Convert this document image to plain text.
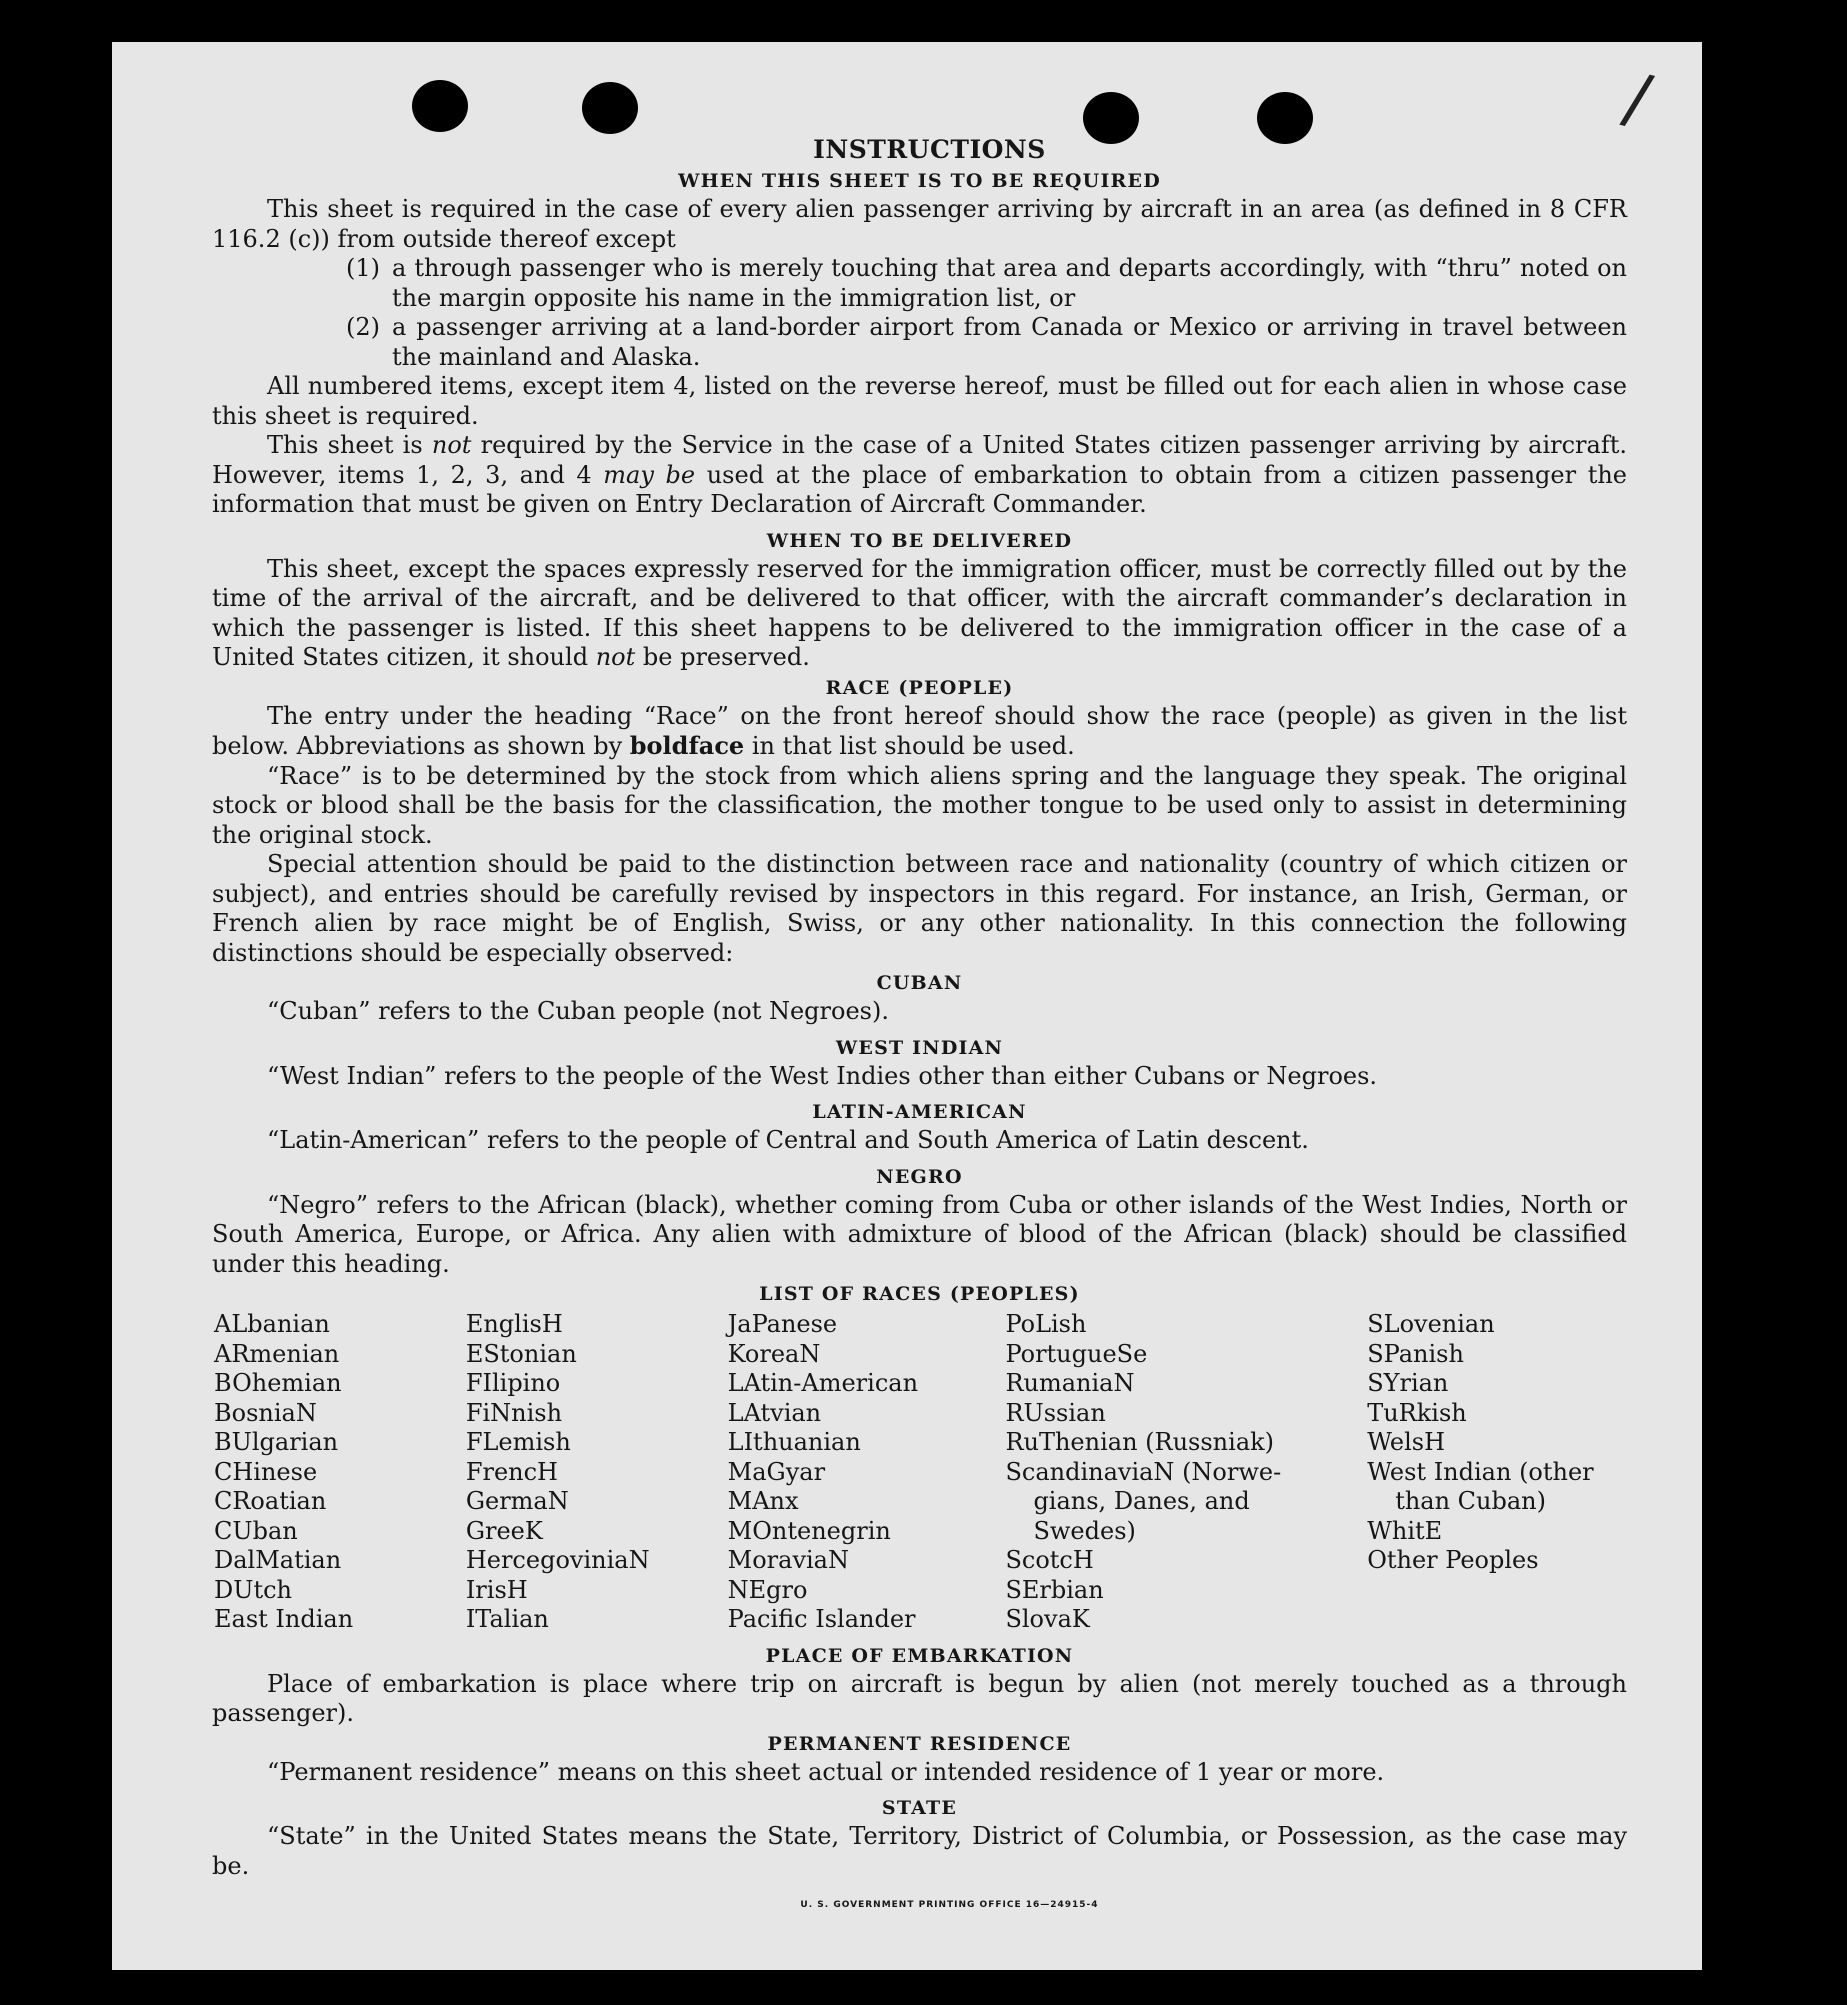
/
INSTRUCTIONS
WHEN THIS SHEET IS TO BE REQUIRED

This sheet is required in the case of every alien passenger arriving by aircraft in an area (as defined in 8 CFR 116.2 (c)) from outside thereof except

(1) a through passenger who is merely touching that area and departs accordingly, with “thru” noted on the margin opposite his name in the immigration list, or
(2) a passenger arriving at a land-border airport from Canada or Mexico or arriving in travel between the mainland and Alaska.

All numbered items, except item 4, listed on the reverse hereof, must be filled out for each alien in whose case this sheet is required.

This sheet is not required by the Service in the case of a United States citizen passenger arriving by aircraft. However, items 1, 2, 3, and 4 may be used at the place of embarkation to obtain from a citizen passenger the information that must be given on Entry Declaration of Aircraft Commander.

WHEN TO BE DELIVERED

This sheet, except the spaces expressly reserved for the immigration officer, must be correctly filled out by the time of the arrival of the aircraft, and be delivered to that officer, with the aircraft commander’s declaration in which the passenger is listed. If this sheet happens to be delivered to the immigration officer in the case of a United States citizen, it should not be preserved.

RACE (PEOPLE)

The entry under the heading “Race” on the front hereof should show the race (people) as given in the list below. Abbreviations as shown by boldface in that list should be used.

“Race” is to be determined by the stock from which aliens spring and the language they speak. The original stock or blood shall be the basis for the classification, the mother tongue to be used only to assist in determining the original stock.

Special attention should be paid to the distinction between race and nationality (country of which citizen or subject), and entries should be carefully revised by inspectors in this regard. For instance, an Irish, German, or French alien by race might be of English, Swiss, or any other nationality. In this connection the following distinctions should be especially observed:

CUBAN

“Cuban” refers to the Cuban people (not Negroes).

WEST INDIAN

“West Indian” refers to the people of the West Indies other than either Cubans or Negroes.

LATIN-AMERICAN

“Latin-American” refers to the people of Central and South America of Latin descent.

NEGRO

“Negro” refers to the African (black), whether coming from Cuba or other islands of the West Indies, North or South America, Europe, or Africa. Any alien with admixture of blood of the African (black) should be classified under this heading.

LIST OF RACES (PEOPLES)
ALbanian
ARmenian
BOhemian
BosniaN
BUlgarian
CHinese
CRoatian
CUban
DalMatian
DUtch
East Indian
EnglisH
EStonian
FIlipino
FiNnish
FLemish
FrencH
GermaN
GreeK
HercegoviniaN
IrisH
ITalian
JaPanese
KoreaN
LAtin-American
LAtvian
LIthuanian
MaGyar
MAnx
MOntenegrin
MoraviaN
NEgro
Pacific Islander
PoLish
PortugueSe
RumaniaN
RUssian
RuThenian (Russniak)
ScandinaviaN (Norwe-
gians, Danes, and
Swedes)
ScotcH
SErbian
SlovaK
SLovenian
SPanish
SYrian
TuRkish
WelsH
West Indian (other
than Cuban)
WhitE
Other Peoples
PLACE OF EMBARKATION

Place of embarkation is place where trip on aircraft is begun by alien (not merely touched as a through passenger).

PERMANENT RESIDENCE

“Permanent residence” means on this sheet actual or intended residence of 1 year or more.

STATE

“State” in the United States means the State, Territory, District of Columbia, or Possession, as the case may be.

U. S. GOVERNMENT PRINTING OFFICE 16—24915-4
